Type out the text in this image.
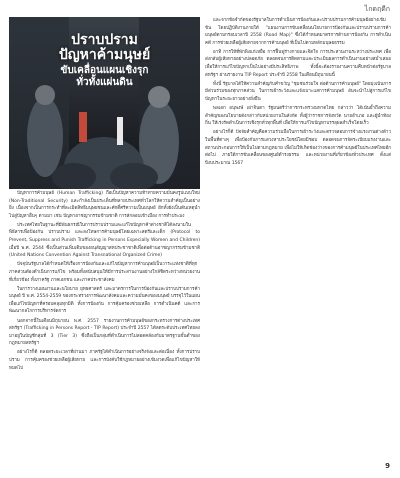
ไกดฤดีก
ปราบปราม
ปัญหาค้ามนุษย์
ขับเคลื่อนแผนเชิงรุก
ทั่วทั้งแผ่นดิน

ปัญหาการค้ามนุษย์ (Human Trafficking) ถือเป็นปัญหาความท้าทายความมั่นคงรูปแบบใหม่ (Non-Traditional Security) และกำลังเป็นประเด็นที่หลายประเทศทั่วโลกให้ความสำคัญเป็นอย่างยิ่ง เนื่องจากเป็นการกระทำที่ละเมิดสิทธิมนุษยชนและศักดิ์ศรีความเป็นมนุษย์ อีกทั้งยังเป็นต้นเหตุนำไปสู่ปัญหาอื่นๆ ตามมา เช่น ปัญหาอาชญากรรมข้ามชาติ การลักลอบเข้าเมือง การทำประมง

ประเทศไทยในฐานะที่มีพันธกรณีในการปราบปรามและแก้ไขปัญหาค้าต่างชาติได้ลงนามในพิธีสารเพื่อป้องกัน ปราบปราม และลงโทษการค้ามนุษย์โดยเฉพาะสตรีและเด็ก (Protocol to Prevent, Suppress and Punish Trafficking in Persons Especially Women and Children) เมื่อปี พ.ศ. 2544 ซึ่งเป็นส่วนเพิ่มเติมของอนุสัญญาสหประชาชาติเพื่อต่อต้านอาชญากรรมข้ามชาติ (United Nations Convention Against Transnational Organized Crime)

ปัจจุบันรัฐบาลได้กำหนดให้เรื่องการป้องกันและแก้ไขปัญหาการค้ามนุษย์เป็นวาระแห่งชาติที่ทุกภาคส่วนต้องดำเนินการแก้ไข พร้อมทั้งสนับสนุนให้มีการประสานงานอย่างใกล้ชิดระหว่างหน่วยงานที่เกี่ยวข้อง ทั้งภาครัฐ ภาคเอกชน และภาคประชาสังคม

ในการวางแผนงานและนโยบาย ยุทธศาสตร์ และมาตรการในการป้องกันและปราบปรามการค้ามนุษย์ ปี พ.ศ. 2554-2559 ของกระทรวงการพัฒนาสังคมและความมั่นคงของมนุษย์ บรรจุไว้ในแผนเพื่อแก้ไขปัญหาที่ครอบคลุมทุกมิติ ทั้งการป้องกัน การคุ้มครองช่วยเหลือ การดำเนินคดี และการพัฒนากลไกการบริหารจัดการ

นอกจากนี้ในเดือนมิถุนายน พ.ศ. 2557 รายงานการค้ามนุษย์ของกระทรวงการต่างประเทศสหรัฐฯ (Trafficking in Persons Report - TIP Report) ประจำปี 2557 ได้ลดระดับประเทศไทยลงมาอยู่ในบัญชีกลุ่มที่ 3 (Tier 3) ซึ่งถือเป็นกลุ่มที่ดำเนินการไม่สอดคล้องกับมาตรฐานขั้นต่ำของกฎหมายสหรัฐฯ

อย่างไรก็ดี ตลอดระยะเวลาที่ผ่านมา ภาครัฐได้ดำเนินการอย่างจริงจังและต่อเนื่อง ทั้งการปราบปราม การคุ้มครองช่วยเหลือผู้เสียหาย และการบังคับใช้กฎหมายอย่างเข้มงวดเพื่อแก้ไขปัญหาให้หมดไป

และจากข้อจำกัดของรัฐบาลในการดำเนินการป้องกันและปราบปรามการค้ามนุษย์อย่างเข้มข้น โดยปฏิบัติงานภายใต้ "แผนงานการขับเคลื่อนนโยบายการป้องกันและปราบปรามการค้ามนุษย์ตามกรอบเวลาปี 2558 (Road Map)" ซึ่งได้กำหนดมาตรการด้านการป้องกัน การดำเนินคดี การช่วยเหลือผู้เสียหายจากการค้ามนุษย์ ที่เป็นไปตามหลักมนุษยธรรม

อาทิ การให้ที่พักพิงแก่เหยื่อ การฟื้นฟูร่างกายและจิตใจ การประสานงานระหว่างประเทศ เพื่อส่งกลับผู้เสียหายอย่างปลอดภัย ตลอดจนการติดตามและประเมินผลการดำเนินงานอย่างสม่ำเสมอ เพื่อให้การแก้ไขปัญหาเป็นไปอย่างมีประสิทธิภาพ ทั้งนี้จะต้องรายงานความคืบหน้าต่อรัฐบาลสหรัฐฯ ผ่านรายงาน TIP Report ประจำปี 2558 ในเดือนมิถุนายนนี้

ทั้งนี้ รัฐบาลได้ให้ความสำคัญกับคำขวัญ "ชุมชนร่วมใจ ต่อต้านการค้ามนุษย์" โดยมุ่งเน้นการมีส่วนร่วมของทุกภาคส่วน ในการเฝ้าระวังและแจ้งเบาะแสการค้ามนุษย์ อันจะนำไปสู่การแก้ไขปัญหาในระยะยาวอย่างยั่งยืน

พลเอก อนุพงษ์ เผ่าจินดา รัฐมนตรีว่าการกระทรวงมหาดไทย กล่าวว่า ได้เน้นย้ำถึงความสำคัญของนโยบายดังกล่าวกับหน่วยงานในสังกัด ทั้งผู้ว่าราชการจังหวัด นายอำเภอ และผู้นำท้องถิ่น ให้เร่งรัดดำเนินการเชิงรุกทั่วทุกพื้นที่ เพื่อให้การแก้ไขปัญหาบรรลุผลสำเร็จโดยเร็ว

อย่างไรก็ดี ปัจจัยสำคัญคือความร่วมมือในการเฝ้าระวังและตรวจสอบการจ้างแรงงานต่างด้าวในพื้นที่ต่างๆ เพื่อป้องกันการแสวงหาประโยชน์โดยมิชอบ ตลอดจนการจัดระเบียบแรงงานและสถานประกอบการให้เป็นไปตามกฎหมาย เพื่อไม่ให้เกิดช่องว่างของการค้ามนุษย์ในประเทศไทยอีกต่อไป ภายใต้การขับเคลื่อนของศูนย์ดำรงธรรม และหน่วยงานที่เกี่ยวข้องทั่วประเทศ ตั้งแต่ปีงบประมาณ 1567

9
